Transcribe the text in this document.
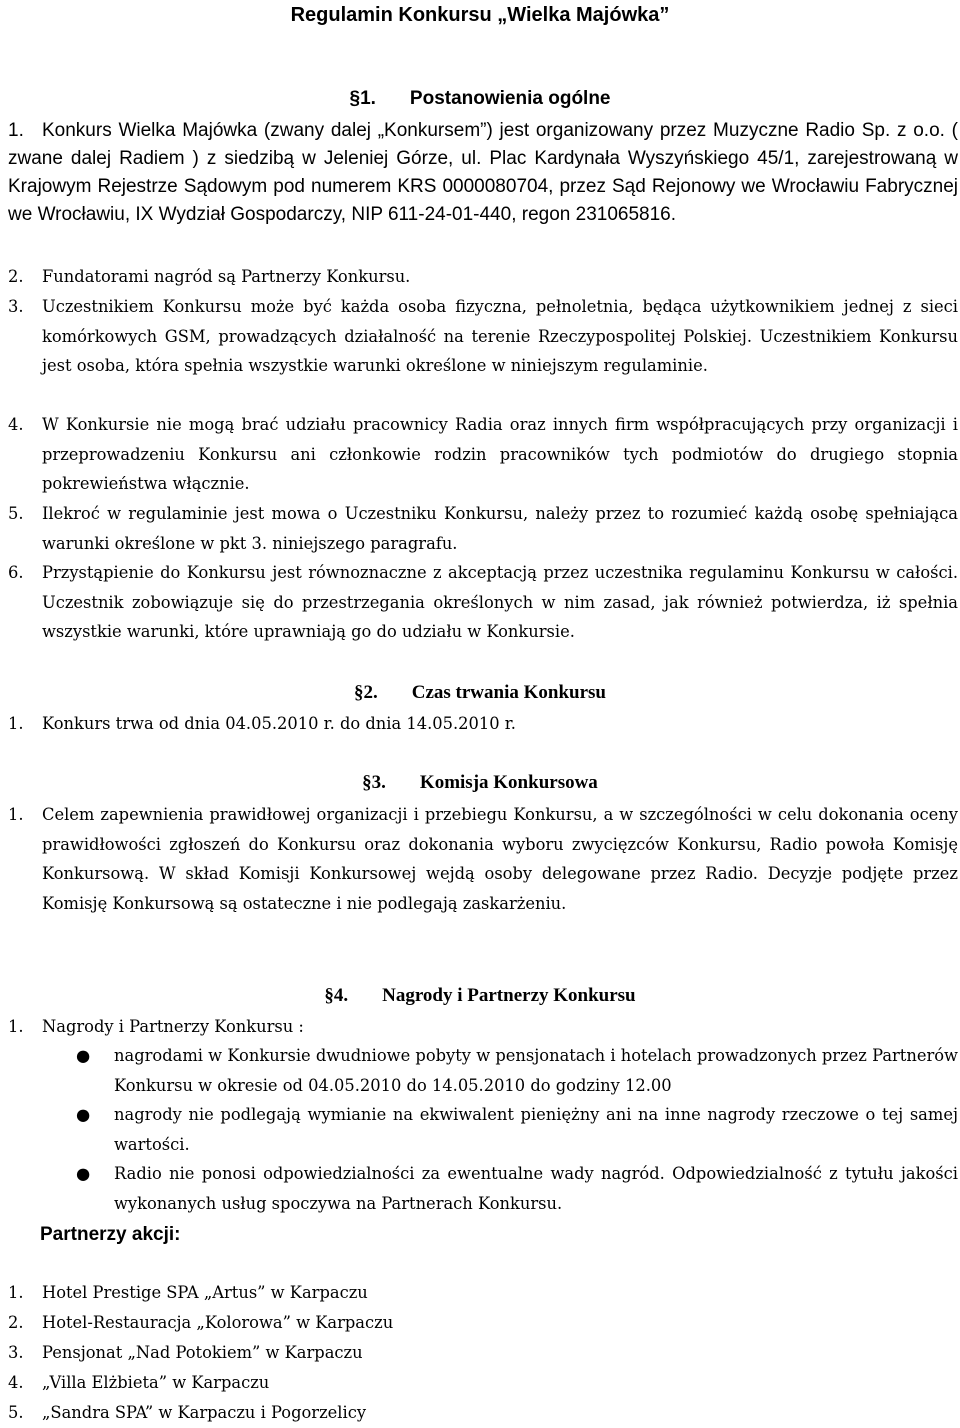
Regulamin Konkursu „Wielka Majówka”
§1. Postanowienia ogólne
1. Konkurs Wielka Majówka (zwany dalej „Konkursem”) jest organizowany przez Muzyczne Radio Sp. z o.o. ( zwane dalej Radiem ) z siedzibą w Jeleniej Górze, ul. Plac Kardynała Wyszyńskiego 45/1, zarejestrowaną w Krajowym Rejestrze Sądowym pod numerem KRS 0000080704, przez Sąd Rejonowy we Wrocławiu Fabrycznej we Wrocławiu, IX Wydział Gospodarczy, NIP 611-24-01-440, regon 231065816.
2. Fundatorami nagród są Partnerzy Konkursu.
3. Uczestnikiem Konkursu może być każda osoba fizyczna, pełnoletnia, będąca użytkownikiem jednej z sieci komórkowych GSM, prowadzących działalność na terenie Rzeczypospolitej Polskiej. Uczestnikiem Konkursu jest osoba, która spełnia wszystkie warunki określone w niniejszym regulaminie.
4. W Konkursie nie mogą brać udziału pracownicy Radia oraz innych firm współpracujących przy organizacji i przeprowadzeniu Konkursu ani członkowie rodzin pracowników tych podmiotów do drugiego stopnia pokrewieństwa włącznie.
5. Ilekroć w regulaminie jest mowa o Uczestniku Konkursu, należy przez to rozumieć każdą osobę spełniająca warunki określone w pkt 3. niniejszego paragrafu.
6. Przystąpienie do Konkursu jest równoznaczne z akceptacją przez uczestnika regulaminu Konkursu w całości. Uczestnik zobowiązuje się do przestrzegania określonych w nim zasad, jak również potwierdza, iż spełnia wszystkie warunki, które uprawniają go do udziału w Konkursie.
§2. Czas trwania Konkursu
1. Konkurs trwa od dnia 04.05.2010 r. do dnia 14.05.2010 r.
§3. Komisja Konkursowa
1. Celem zapewnienia prawidłowej organizacji i przebiegu Konkursu, a w szczególności w celu dokonania oceny prawidłowości zgłoszeń do Konkursu oraz dokonania wyboru zwycięzców Konkursu, Radio powoła Komisję Konkursową. W skład Komisji Konkursowej wejdą osoby delegowane przez Radio. Decyzje podjęte przez Komisję Konkursową są ostateczne i nie podlegają zaskarżeniu.
§4. Nagrody i Partnerzy Konkursu
1. Nagrody i Partnerzy Konkursu :
● nagrodami w Konkursie dwudniowe pobyty w pensjonatach i hotelach prowadzonych przez Partnerów Konkursu w okresie od 04.05.2010 do 14.05.2010 do godziny 12.00
● nagrody nie podlegają wymianie na ekwiwalent pieniężny ani na inne nagrody rzeczowe o tej samej wartości.
● Radio nie ponosi odpowiedzialności za ewentualne wady nagród. Odpowiedzialność z tytułu jakości wykonanych usług spoczywa na Partnerach Konkursu.
Partnerzy akcji:
1. Hotel Prestige SPA „Artus” w Karpaczu
2. Hotel-Restauracja „Kolorowa” w Karpaczu
3. Pensjonat „Nad Potokiem” w Karpaczu
4. „Villa Elżbieta” w Karpaczu
5. „Sandra SPA” w Karpaczu i Pogorzelicy
